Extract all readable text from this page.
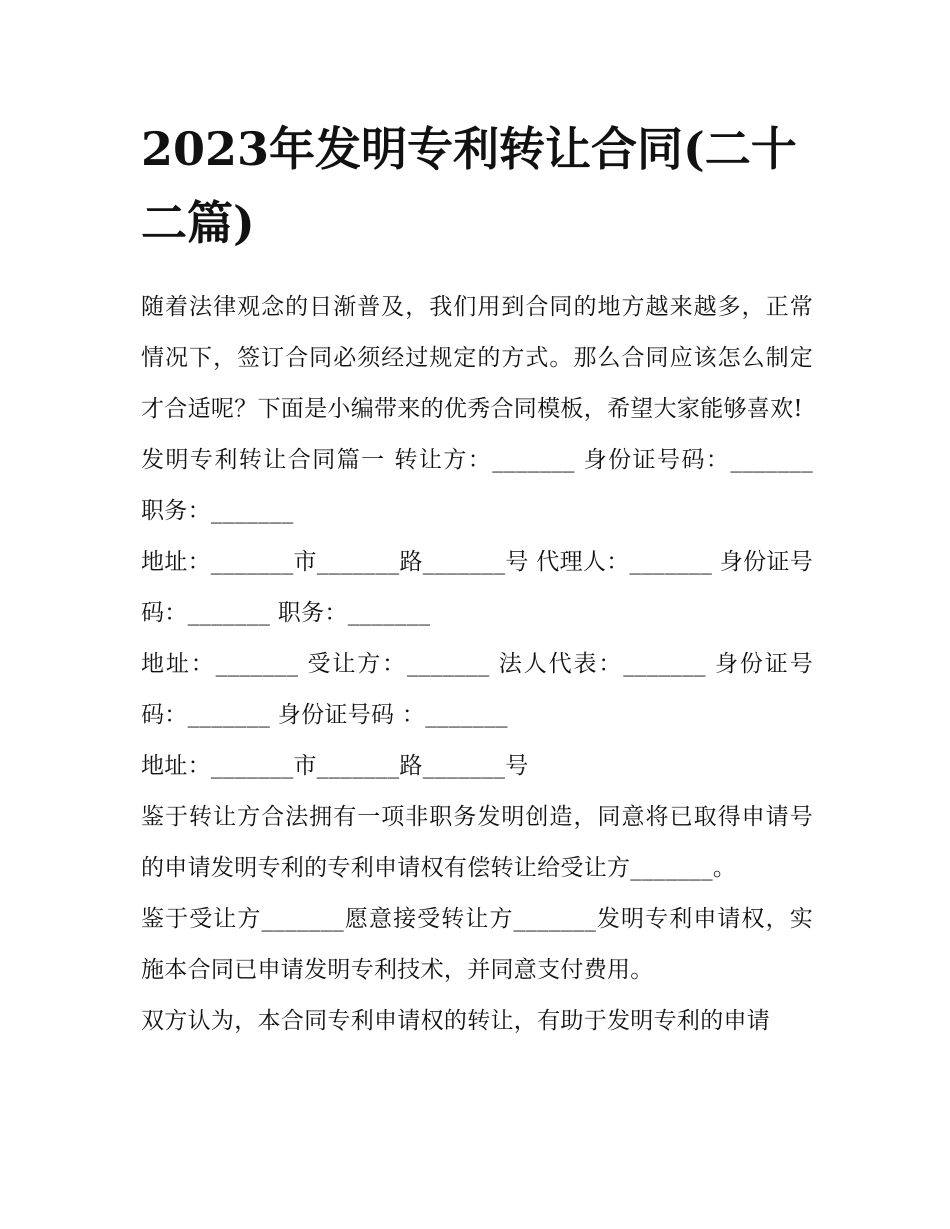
2023年发明专利转让合同(二十二篇)

随着法律观念的日渐普及，我们用到合同的地方越来越多，正常情况下，签订合同必须经过规定的方式。那么合同应该怎么制定才合适呢？下面是小编带来的优秀合同模板，希望大家能够喜欢!

发明专利转让合同篇一 转让方：_______ 身份证号码：_______ 职务：_______

地址：_______市_______路_______号 代理人：_______ 身份证号码：_______ 职务：_______

地址：_______ 受让方：_______ 法人代表：_______ 身份证号码：_______ 身份证号码 ：_______

地址：_______市_______路_______号

鉴于转让方合法拥有一项非职务发明创造，同意将已取得申请号的申请发明专利的专利申请权有偿转让给受让方_______。

鉴于受让方_______愿意接受转让方_______发明专利申请权，实施本合同已申请发明专利技术，并同意支付费用。

双方认为，本合同专利申请权的转让，有助于发明专利的申请
